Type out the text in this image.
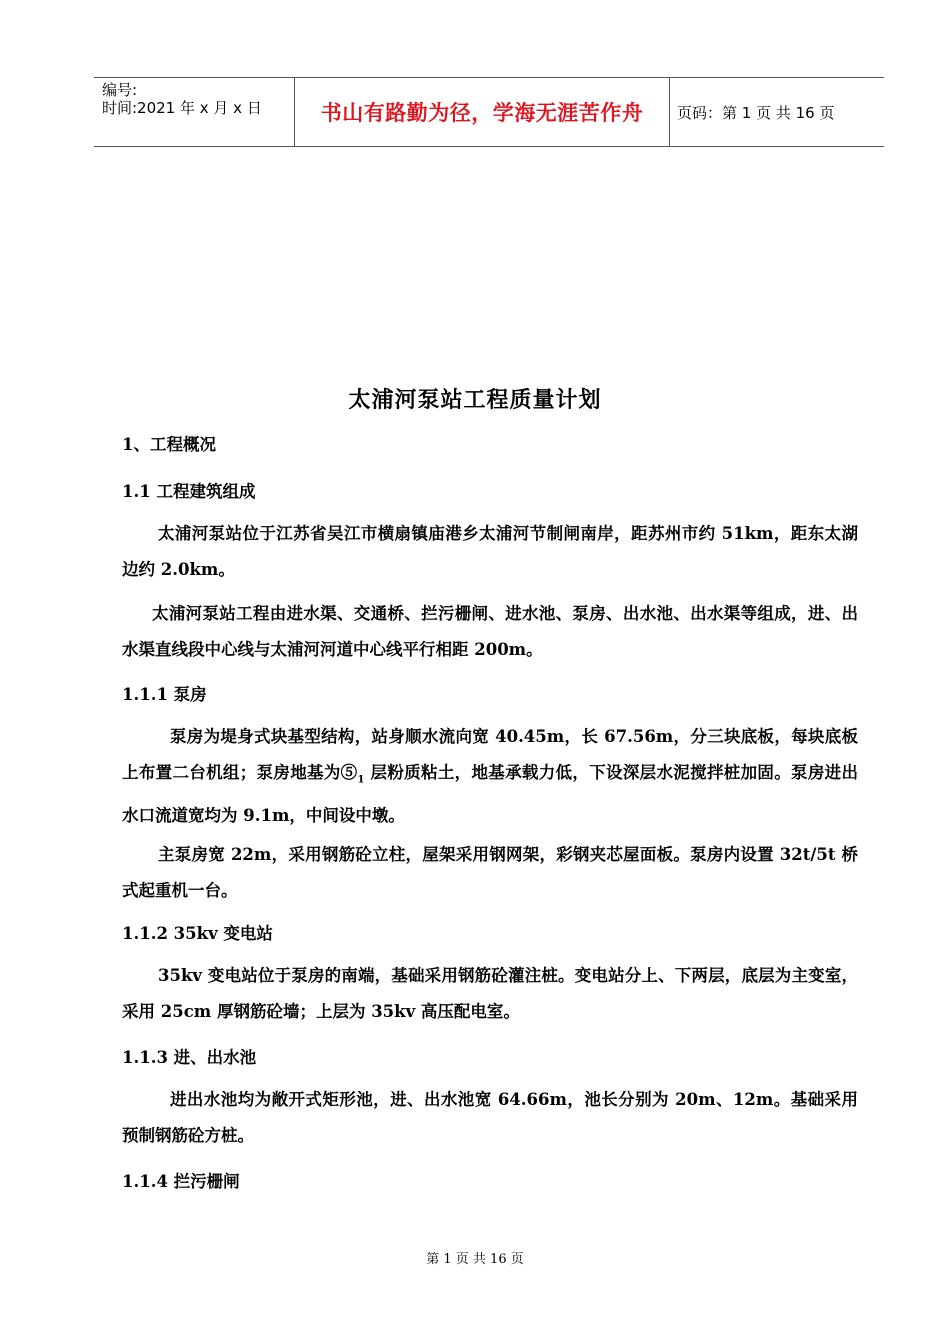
编号:
时间:2021 年 x 月 x 日	书山有路勤为径，学海无涯苦作舟	页码：第 1 页 共 16 页
太浦河泵站工程质量计划
1、工程概况
1.1 工程建筑组成
太浦河泵站位于江苏省吴江市横扇镇庙港乡太浦河节制闸南岸，距苏州市约 51km，距东太湖边约 2.0km。
太浦河泵站工程由进水渠、交通桥、拦污栅闸、进水池、泵房、出水池、出水渠等组成，进、出水渠直线段中心线与太浦河河道中心线平行相距 200m。
1.1.1 泵房
泵房为堤身式块基型结构，站身顺水流向宽 40.45m，长 67.56m，分三块底板，每块底板上布置二台机组；泵房地基为$⑤_1$ 层粉质粘土，地基承载力低，下设深层水泥搅拌桩加固。泵房进出水口流道宽均为 9.1m，中间设中墩。
主泵房宽 22m，采用钢筋砼立柱，屋架采用钢网架，彩钢夹芯屋面板。泵房内设置 32t/5t 桥式起重机一台。
1.1.2 35kv 变电站
35kv 变电站位于泵房的南端，基础采用钢筋砼灌注桩。变电站分上、下两层，底层为主变室，采用 25cm 厚钢筋砼墙；上层为 35kv 高压配电室。
1.1.3 进、出水池
进出水池均为敞开式矩形池，进、出水池宽 64.66m，池长分别为 20m、12m。基础采用预制钢筋砼方桩。
1.1.4 拦污栅闸
第 1 页 共 16 页
